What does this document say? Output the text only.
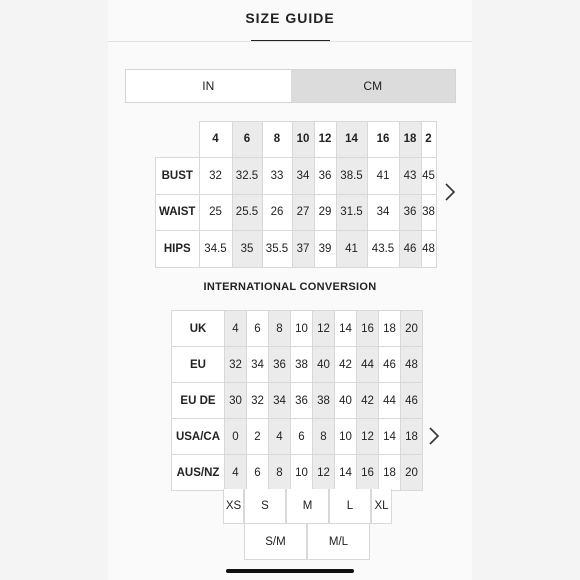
SIZE GUIDE
IN	CM
	4	6	8	10	12	14	16	18	2
BUST	32	32.5	33	34	36	38.5	41	43	45
WAIST	25	25.5	26	27	29	31.5	34	36	38
HIPS	34.5	35	35.5	37	39	41	43.5	46	48
INTERNATIONAL CONVERSION
UK	4	6	8	10	12	14	16	18	20
EU	32	34	36	38	40	42	44	46	48
EU DE	30	32	34	36	38	40	42	44	46
USA/CA	0	2	4	6	8	10	12	14	18
AUS/NZ	4	6	8	10	12	14	16	18	20
XS	S	M	L	XL
S/M	M/L
